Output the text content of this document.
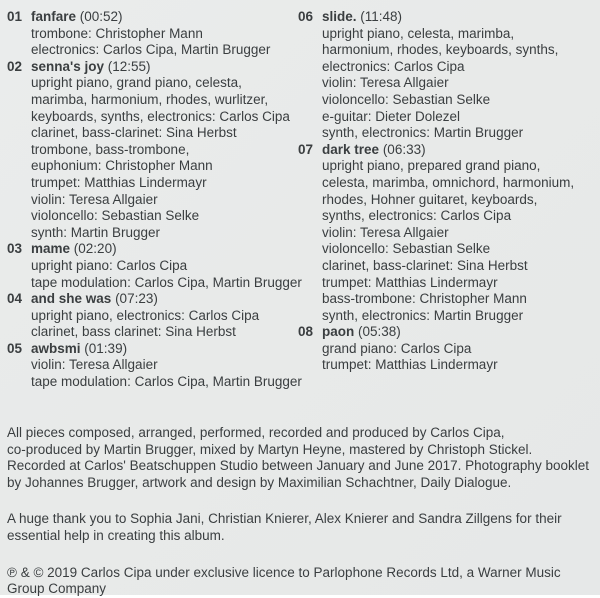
01 fanfare (00:52)
trombone: Christopher Mann
electronics: Carlos Cipa, Martin Brugger
02 senna's joy (12:55)
upright piano, grand piano, celesta,
marimba, harmonium, rhodes, wurlitzer,
keyboards, synths, electronics: Carlos Cipa
clarinet, bass-clarinet: Sina Herbst
trombone, bass-trombone,
euphonium: Christopher Mann
trumpet: Matthias Lindermayr
violin: Teresa Allgaier
violoncello: Sebastian Selke
synth: Martin Brugger
03 mame (02:20)
upright piano: Carlos Cipa
tape modulation: Carlos Cipa, Martin Brugger
04 and she was (07:23)
upright piano, electronics: Carlos Cipa
clarinet, bass clarinet: Sina Herbst
05 awbsmi (01:39)
violin: Teresa Allgaier
tape modulation: Carlos Cipa, Martin Brugger
06 slide. (11:48)
upright piano, celesta, marimba,
harmonium, rhodes, keyboards, synths,
electronics: Carlos Cipa
violin: Teresa Allgaier
violoncello: Sebastian Selke
e-guitar: Dieter Dolezel
synth, electronics: Martin Brugger
07 dark tree (06:33)
upright piano, prepared grand piano,
celesta, marimba, omnichord, harmonium,
rhodes, Hohner guitaret, keyboards,
synths, electronics: Carlos Cipa
violin: Teresa Allgaier
violoncello: Sebastian Selke
clarinet, bass-clarinet: Sina Herbst
trumpet: Matthias Lindermayr
bass-trombone: Christopher Mann
synth, electronics: Martin Brugger
08 paon (05:38)
grand piano: Carlos Cipa
trumpet: Matthias Lindermayr
All pieces composed, arranged, performed, recorded and produced by Carlos Cipa,
co-produced by Martin Brugger, mixed by Martyn Heyne, mastered by Christoph Stickel.
Recorded at Carlos' Beatschuppen Studio between January and June 2017. Photography booklet
by Johannes Brugger, artwork and design by Maximilian Schachtner, Daily Dialogue.
A huge thank you to Sophia Jani, Christian Knierer, Alex Knierer and Sandra Zillgens for their
essential help in creating this album.
℗ & © 2019 Carlos Cipa under exclusive licence to Parlophone Records Ltd, a Warner Music
Group Company
